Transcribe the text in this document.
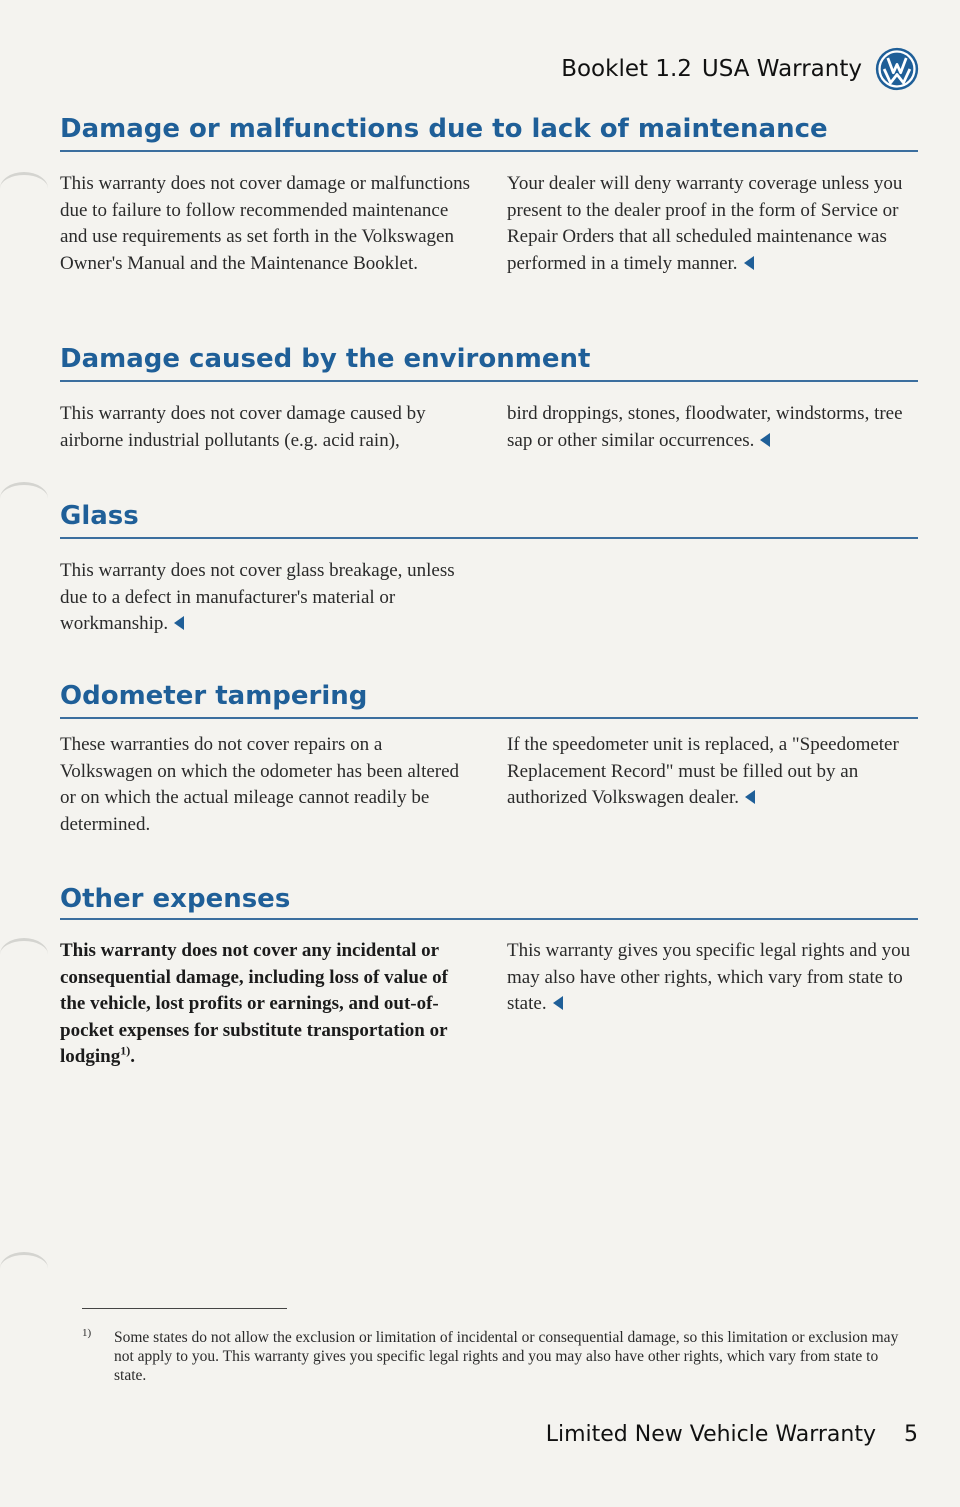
Booklet 1.2 USA Warranty
Damage or malfunctions due to lack of maintenance
This warranty does not cover damage or malfunctions due to failure to follow recommended maintenance and use requirements as set forth in the Volkswagen Owner's Manual and the Maintenance Booklet.
Your dealer will deny warranty coverage unless you present to the dealer proof in the form of Service or Repair Orders that all scheduled maintenance was performed in a timely manner.
Damage caused by the environment
This warranty does not cover damage caused by airborne industrial pollutants (e.g. acid rain),
bird droppings, stones, floodwater, windstorms, tree sap or other similar occurrences.
Glass
This warranty does not cover glass breakage, unless due to a defect in manufacturer's material or workmanship.
Odometer tampering
These warranties do not cover repairs on a Volkswagen on which the odometer has been altered or on which the actual mileage cannot readily be determined.
If the speedometer unit is replaced, a "Speedometer Replacement Record" must be filled out by an authorized Volkswagen dealer.
Other expenses
This warranty does not cover any incidental or consequential damage, including loss of value of the vehicle, lost profits or earnings, and out-of-pocket expenses for substitute transportation or lodging$^{1)}$.
This warranty gives you specific legal rights and you may also have other rights, which vary from state to state.
1) Some states do not allow the exclusion or limitation of incidental or consequential damage, so this limitation or exclusion may not apply to you. This warranty gives you specific legal rights and you may also have other rights, which vary from state to state.
Limited New Vehicle Warranty 5
